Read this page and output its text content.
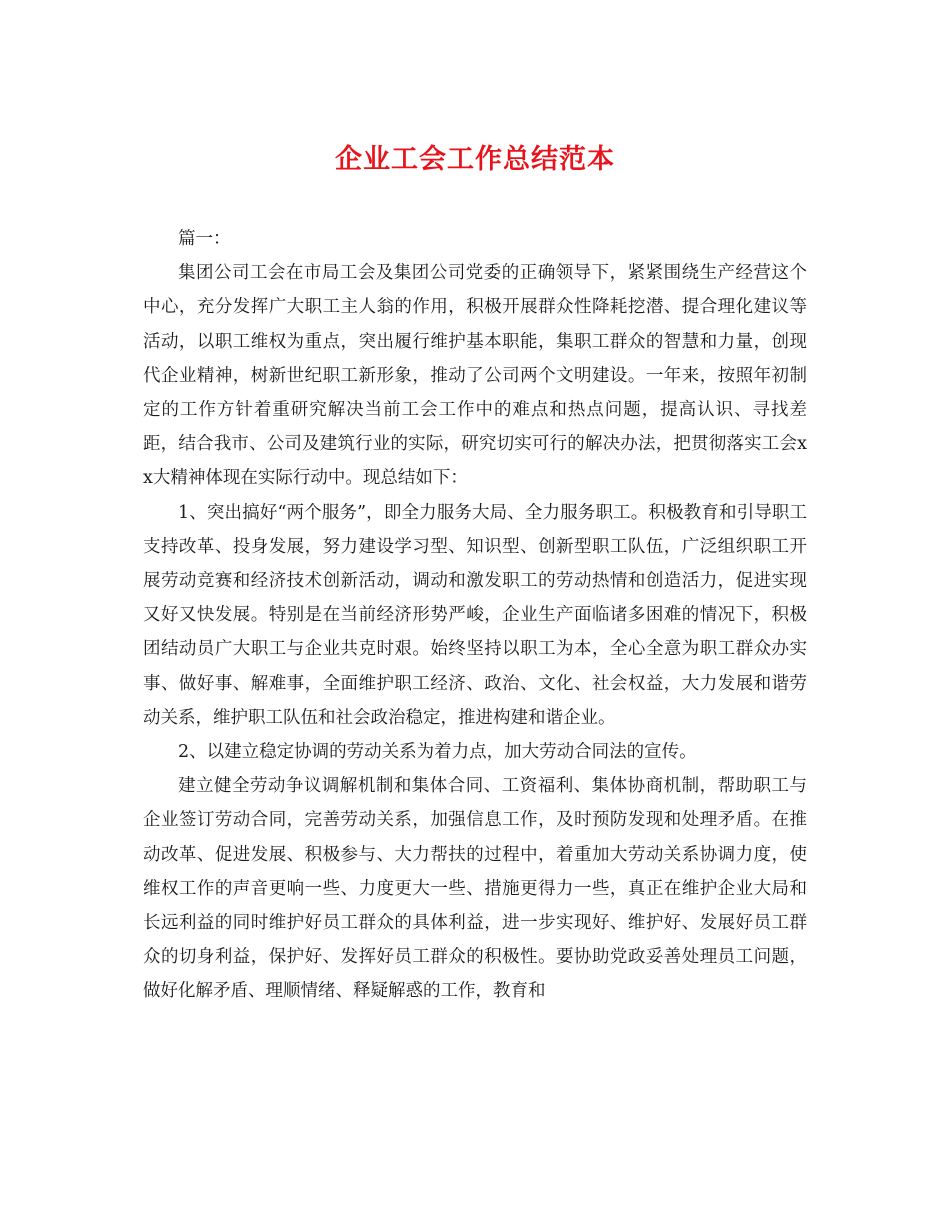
企业工会工作总结范本

篇一：

集团公司工会在市局工会及集团公司党委的正确领导下，紧紧围绕生产经营这个中心，充分发挥广大职工主人翁的作用，积极开展群众性降耗挖潜、提合理化建议等活动，以职工维权为重点，突出履行维护基本职能，集职工群众的智慧和力量，创现代企业精神，树新世纪职工新形象，推动了公司两个文明建设。一年来，按照年初制定的工作方针着重研究解决当前工会工作中的难点和热点问题，提高认识、寻找差距，结合我市、公司及建筑行业的实际，研究切实可行的解决办法，把贯彻落实工会xx大精神体现在实际行动中。现总结如下：

1、突出搞好“两个服务”，即全力服务大局、全力服务职工。积极教育和引导职工支持改革、投身发展，努力建设学习型、知识型、创新型职工队伍，广泛组织职工开展劳动竞赛和经济技术创新活动，调动和激发职工的劳动热情和创造活力，促进实现又好又快发展。特别是在当前经济形势严峻，企业生产面临诸多困难的情况下，积极团结动员广大职工与企业共克时艰。始终坚持以职工为本，全心全意为职工群众办实事、做好事、解难事，全面维护职工经济、政治、文化、社会权益，大力发展和谐劳动关系，维护职工队伍和社会政治稳定，推进构建和谐企业。

2、以建立稳定协调的劳动关系为着力点，加大劳动合同法的宣传。

建立健全劳动争议调解机制和集体合同、工资福利、集体协商机制，帮助职工与企业签订劳动合同，完善劳动关系，加强信息工作，及时预防发现和处理矛盾。在推动改革、促进发展、积极参与、大力帮扶的过程中，着重加大劳动关系协调力度，使维权工作的声音更响一些、力度更大一些、措施更得力一些，真正在维护企业大局和长远利益的同时维护好员工群众的具体利益，进一步实现好、维护好、发展好员工群众的切身利益，保护好、发挥好员工群众的积极性。要协助党政妥善处理员工问题，做好化解矛盾、理顺情绪、释疑解惑的工作，教育和
